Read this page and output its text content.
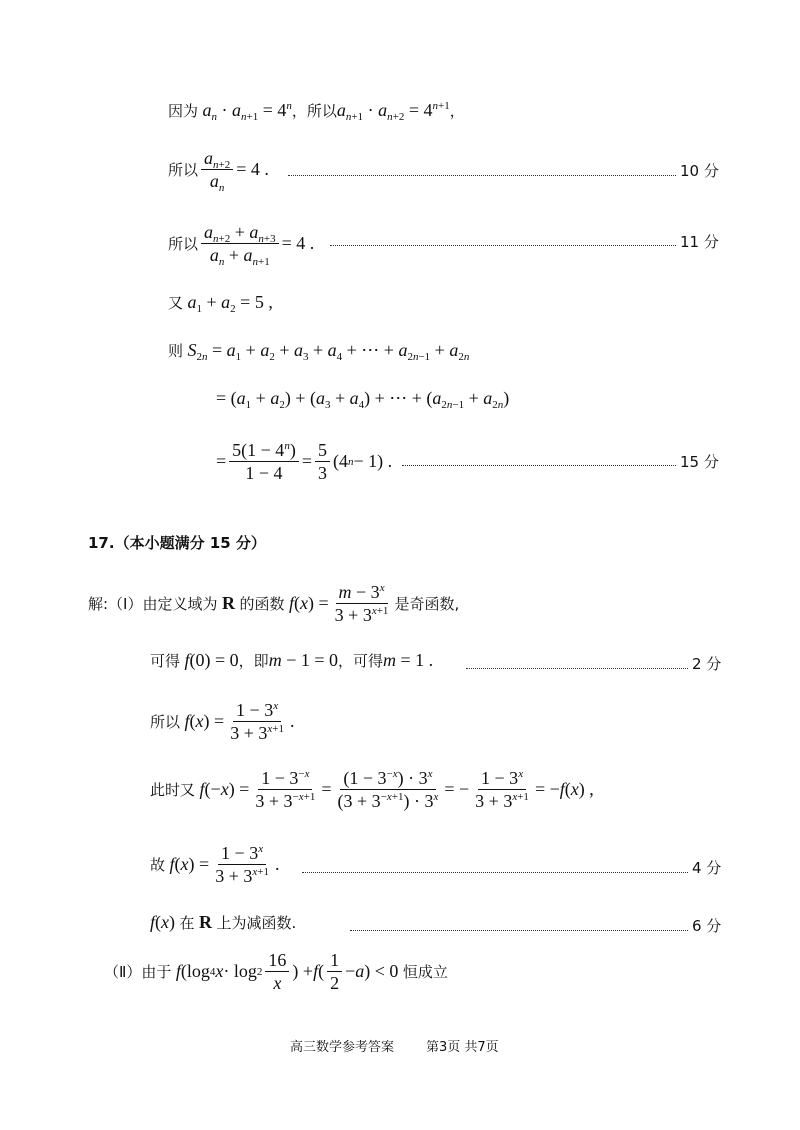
因为 $a_n \cdot a_{n+1} = 4^n$ ，所以 $a_{n+1} \cdot a_{n+2} = 4^{n+1}$ ，
所以 $\frac{a_{n+2}}{a_n} = 4$ .	10 分
所以 $\frac{a_{n+2} + a_{n+3}}{a_n + a_{n+1}} = 4$ .	11 分
又 $a_1 + a_2 = 5$ ,
则 $S_{2n} = a_1 + a_2 + a_3 + a_4$ + ⋯ + $a_{2n-1} + a_{2n}$
= $(a_1 + a_2) + (a_3 + a_4)$ + ⋯ + $(a_{2n-1} + a_{2n})$
= $\frac{5(1 - 4^n)}{1 - 4} = \frac{5}{3} (4$ n − 1) .	15 分
17.（本小题满分 15 分）
解:（Ⅰ）由定义域为 R 的函数
f ( x ) = $\frac{m - 3^x}{3 + 3^{x+1}}$ 是奇函数,
可得 f(0) = 0 ，即 m − 1 = 0 ，可得 m = 1 .	2 分
所以
f ( x ) = $\frac{1 - 3^x}{3 + 3^{x+1}}$ .
此时又
f (− x ) = $\frac{1 - 3^{-x}}{3 + 3^{-x+1}} = \frac{(1 - 3^{-x}) \cdot 3^x}{(3 + 3^{-x+1}) \cdot 3^x}$ = − $\frac{1 - 3^x}{3 + 3^{x+1}}$ = − f ( x ) ,
故
f ( x ) = $\frac{1 - 3^x}{3 + 3^{x+1}}$ .	4 分
f(x) 在 R 上为减函数.	6 分
（Ⅱ）由于
f (log 4 $x \cdot \log 2 \frac{16}{x}$ ) + f ( $\frac{1}{2} - a$ ) < 0 恒成立
高三数学参考答案 第3页 共7页
